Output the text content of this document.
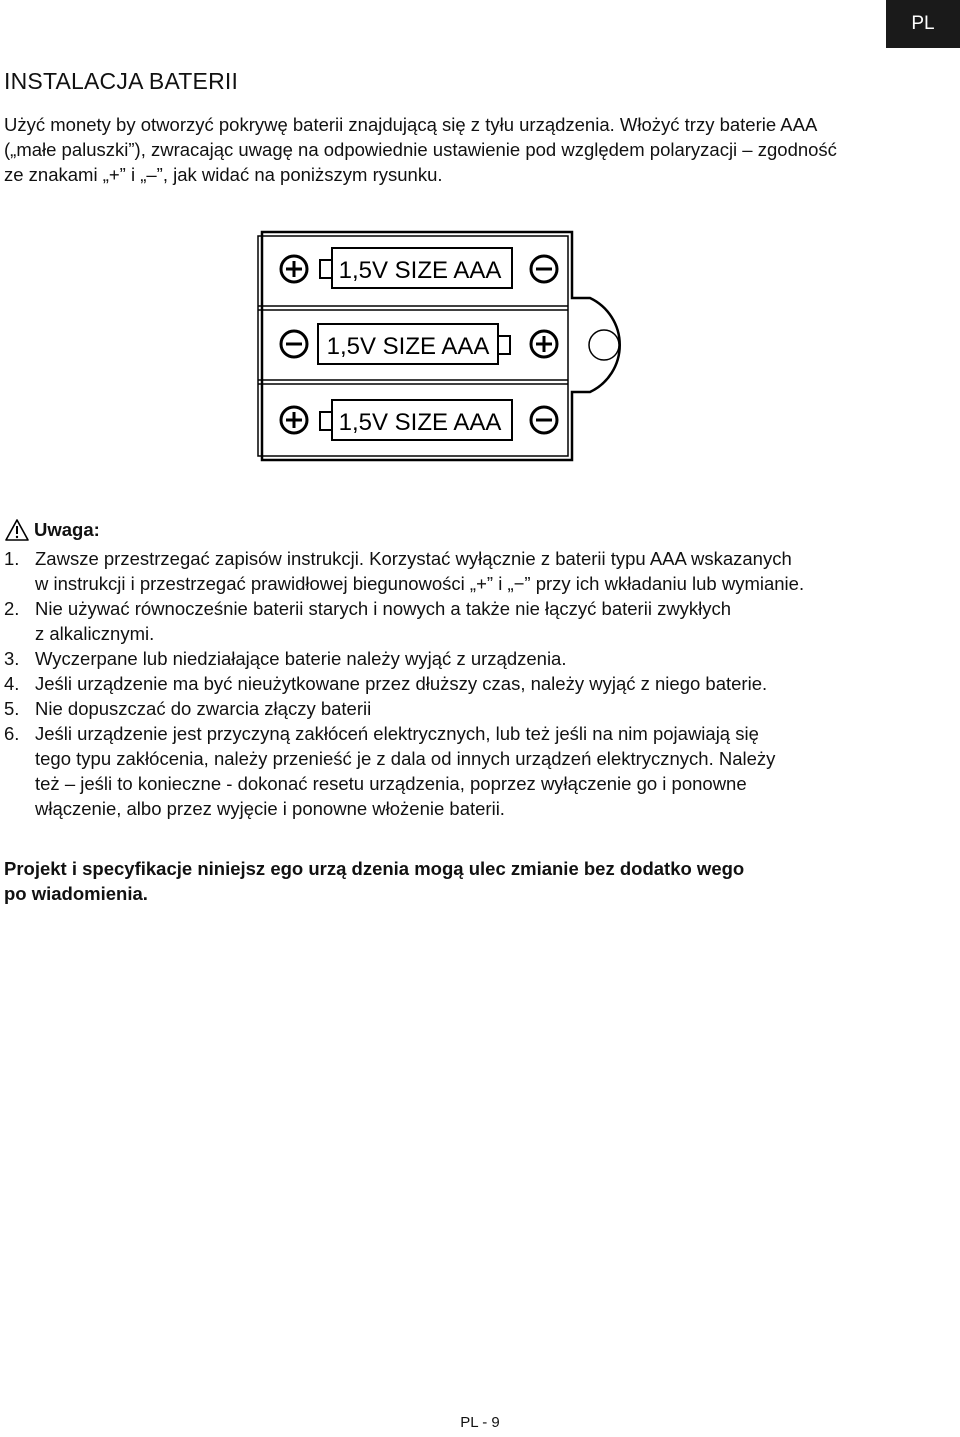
PL
INSTALACJA BATERII
Użyć monety by otworzyć pokrywę baterii znajdującą się z tyłu urządzenia. Włożyć trzy baterie AAA
(„małe paluszki”), zwracając uwagę na odpowiednie ustawienie pod względem polaryzacji – zgodność
ze znakami „+” i „–”, jak widać na poniższym rysunku.
1,5V SIZE AAA
1,5V SIZE AAA
1,5V SIZE AAA
Uwaga:
1. Zawsze przestrzegać zapisów instrukcji. Korzystać wyłącznie z baterii typu AAA wskazanych
w instrukcji i przestrzegać prawidłowej biegunowości „+” i „−” przy ich wkładaniu lub wymianie.
2. Nie używać równocześnie baterii starych i nowych a także nie łączyć baterii zwykłych
z alkalicznymi.
3. Wyczerpane lub niedziałające baterie należy wyjąć z urządzenia.
4. Jeśli urządzenie ma być nieużytkowane przez dłuższy czas, należy wyjąć z niego baterie.
5. Nie dopuszczać do zwarcia złączy baterii
6. Jeśli urządzenie jest przyczyną zakłóceń elektrycznych, lub też jeśli na nim pojawiają się
tego typu zakłócenia, należy przenieść je z dala od innych urządzeń elektrycznych. Należy
też – jeśli to konieczne - dokonać resetu urządzenia, poprzez wyłączenie go i ponowne
włączenie, albo przez wyjęcie i ponowne włożenie baterii.
Projekt i specyfikacje niniejsz ego urzą dzenia mogą ulec zmianie bez dodatko wego
po wiadomienia.
PL - 9
